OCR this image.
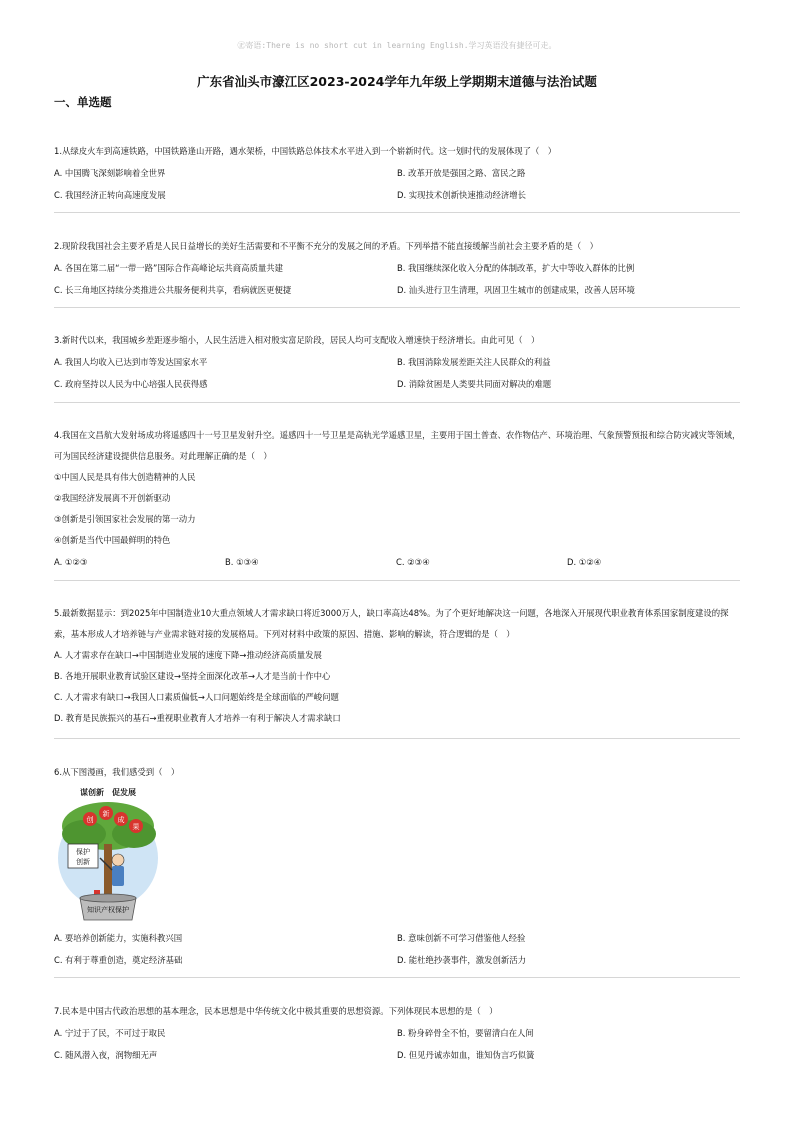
㊣寄语:There is no short cut in learning English.学习英语没有捷径可走。
广东省汕头市濠江区2023-2024学年九年级上学期期末道德与法治试题
一、单选题

1.从绿皮火车到高速铁路，中国铁路逢山开路，遇水架桥，中国铁路总体技术水平进入到一个崭新时代。这一划时代的发展体现了（　）

A. 中国腾飞深刻影响着全世界	B. 改革开放是强国之路、富民之路
C. 我国经济正转向高速度发展	D. 实现技术创新快速推动经济增长

2.现阶段我国社会主要矛盾是人民日益增长的美好生活需要和不平衡不充分的发展之间的矛盾。下列举措不能直接缓解当前社会主要矛盾的是（　）

A. 各国在第二届“一带一路”国际合作高峰论坛共商高质量共建	B. 我国继续深化收入分配的体制改革，扩大中等收入群体的比例
C. 长三角地区持续分类推进公共服务便利共享，看病就医更便捷	D. 汕头进行卫生清理，巩固卫生城市的创建成果，改善人居环境

3.新时代以来，我国城乡差距逐步缩小，人民生活进入相对殷实富足阶段，居民人均可支配收入增速快于经济增长。由此可见（　）

A. 我国人均收入已达到市等发达国家水平	B. 我国消除发展差距关注人民群众的利益
C. 政府坚持以人民为中心培强人民获得感	D. 消除贫困是人类要共同面对解决的难题

4.我国在文昌航大发射场成功将遥感四十一号卫星发射升空。遥感四十一号卫星是高轨光学遥感卫星，主要用于国土普查、农作物估产、环境治理、气象预警预报和综合防灾减灾等领域，可为国民经济建设提供信息服务。对此理解正确的是（　）

①中国人民是具有伟大创造精神的人民
②我国经济发展离不开创新驱动
③创新是引领国家社会发展的第一动力
④创新是当代中国最鲜明的特色
A. ①②③	B. ①③④	C. ②③④	D. ①②④

5.最新数据显示：到2025年中国制造业10大重点领域人才需求缺口将近3000万人，缺口率高达48%。为了个更好地解决这一问题，各地深入开展现代职业教育体系国家制度建设的探索，基本形成人才培养链与产业需求链对接的发展格局。下列对材料中政策的原因、措施、影响的解读，符合逻辑的是（　）

A. 人才需求存在缺口→中国制造业发展的速度下降→推动经济高质量发展
B. 各地开展职业教育试验区建设→坚持全面深化改革→人才是当前十作中心
C. 人才需求有缺口→我国人口素质偏低→人口问题始终是全球面临的严峻问题
D. 教育是民族振兴的基石→重视职业教育人才培养一有利于解决人才需求缺口

6.从下图漫画，我们感受到（　）

谋创新　促发展
创
新
成
果
保护
创新
知识产权保护
A. 要培养创新能力，实施科教兴国	B. 意味创新不可学习借鉴他人经验
C. 有利于尊重创造，奠定经济基础	D. 能杜绝抄袭事件，激发创新活力

7.民本是中国古代政治思想的基本理念，民本思想是中华传统文化中极其重要的思想资源。下列体现民本思想的是（　）

A. 宁过于了民，不可过于取民	B. 粉身碎骨全不怕，要留清白在人间
C. 随风潜入夜，润物细无声	D. 但见丹诚赤如血，谁知伪言巧似簧
